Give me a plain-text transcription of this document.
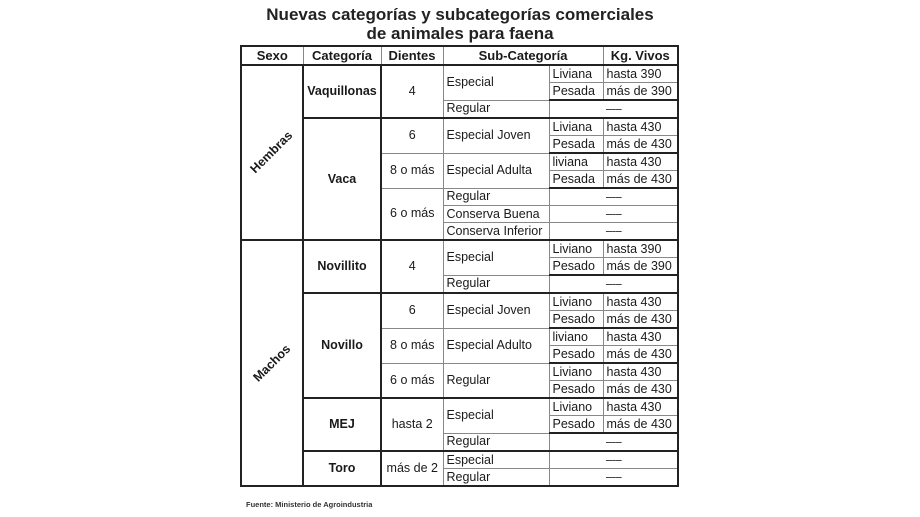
Nuevas categorías y subcategorías comerciales
de animales para faena
Sexo	Categoría	Dientes	Sub-Categoría		Kg. Vivos
Hembras	Vaquillonas	4	Especial	Liviana	hasta 390
				Pesada	más de 390
			Regular	-----	
	Vaca	6	Especial Joven	Liviana	hasta 430
				Pesada	más de 430
		8 o más	Especial Adulta	liviana	hasta 430
				Pesada	más de 430
		6 o más	Regular	-----	
			Conserva Buena	-----	
			Conserva Inferior	-----	
Machos	Novillito	4	Especial	Liviano	hasta 390
				Pesado	más de 390
			Regular	-----	
	Novillo	6	Especial Joven	Liviano	hasta 430
				Pesado	más de 430
		8 o más	Especial Adulto	liviano	hasta 430
				Pesado	más de 430
		6 o más	Regular	Liviano	hasta 430
				Pesado	más de 430
	MEJ	hasta 2	Especial	Liviano	hasta 430
				Pesado	más de 430
			Regular	-----	
	Toro	más de 2	Especial	-----	
			Regular	-----	
Fuente: Ministerio de Agroindustria
